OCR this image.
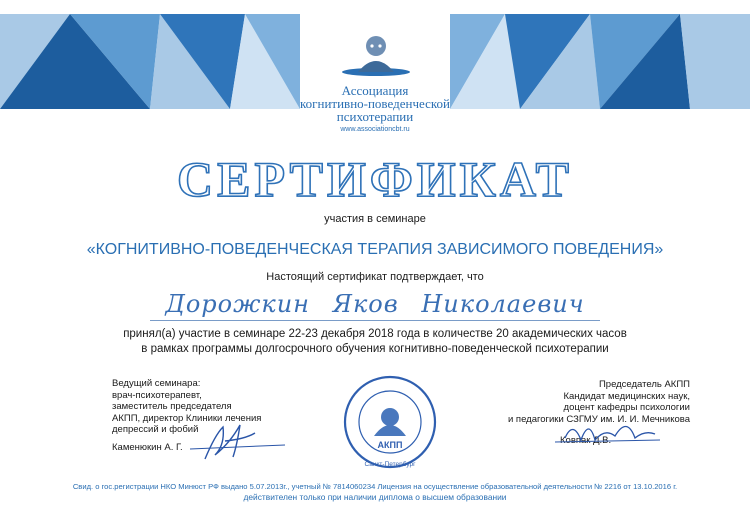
Ассоциация
когнитивно-поведенческой
психотерапии
www.associationcbt.ru
СЕРТИФИКАТ
участия в семинаре
«КОГНИТИВНО-ПОВЕДЕНЧЕСКАЯ ТЕРАПИЯ ЗАВИСИМОГО ПОВЕДЕНИЯ»
Настоящий сертификат подтверждает, что
Дорожкин Яков Николаевич
принял(а) участие в семинаре 22-23 декабря 2018 года в количестве 20 академических часов
в рамках программы долгосрочного обучения когнитивно-поведенческой психотерапии
Ведущий семинара:
врач-психотерапевт,
заместитель председателя
АКПП, директор Клиники лечения
депрессий и фобий
Каменюкин А. Г.
Председатель АКПП
Кандидат медицинских наук,
доцент кафедры психологии
и педагогики СЗГМУ им. И. И. Мечникова
Ковпак Д.В.
АКПП
Санкт-Петербург
Свид. о гос.регистрации НКО Минюст РФ выдано 5.07.2013г., учетный № 7814060234 Лицензия на осуществление образовательной деятельности № 2216 от 13.10.2016 г.
действителен только при наличии диплома о высшем образовании
